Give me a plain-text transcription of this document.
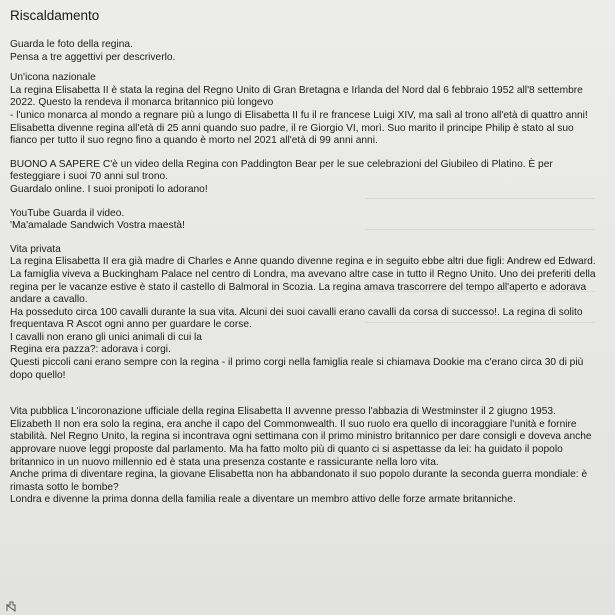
Riscaldamento

Guarda le foto della regina.

Pensa a tre aggettivi per descriverlo.

Un'icona nazionale

La regina Elisabetta II è stata la regina del Regno Unito di Gran Bretagna e Irlanda del Nord dal 6 febbraio 1952 all'8 settembre 2022. Questo la rendeva il monarca britannico più longevo

- l'unico monarca al mondo a regnare più a lungo di Elisabetta II fu il re francese Luigi XIV, ma salì al trono all'età di quattro anni! Elisabetta divenne regina all'età di 25 anni quando suo padre, il re Giorgio VI, morì. Suo marito il principe Philip è stato al suo fianco per tutto il suo regno fino a quando è morto nel 2021 all'età di 99 anni anni.

BUONO A SAPERE C'è un video della Regina con Paddington Bear per le sue celebrazioni del Giubileo di Platino. È per festeggiare i suoi 70 anni sul trono.

Guardalo online. I suoi pronipoti lo adorano!

YouTube Guarda il video.

'Ma'amalade Sandwich Vostra maestà!

Vita privata

La regina Elisabetta II era già madre di Charles e Anne quando divenne regina e in seguito ebbe altri due figli: Andrew ed Edward. La famiglia viveva a Buckingham Palace nel centro di Londra, ma avevano altre case in tutto il Regno Unito. Uno dei preferiti della regina per le vacanze estive è stato il castello di Balmoral in Scozia. La regina amava trascorrere del tempo all'aperto e adorava

andare a cavallo.

Ha posseduto circa 100 cavalli durante la sua vita. Alcuni dei suoi cavalli erano cavalli da corsa di successo!. La regina di solito frequentava R Ascot ogni anno per guardare le corse.

I cavalli non erano gli unici animali di cui la

Regina era pazza?: adorava i corgi.

Questi piccoli cani erano sempre con la regina - il primo corgi nella famiglia reale si chiamava Dookie ma c'erano circa 30 di più dopo quello!

Vita pubblica L'incoronazione ufficiale della regina Elisabetta II avvenne presso l'abbazia di Westminster il 2 giugno 1953.

Elizabeth II non era solo la regina, era anche il capo del Commonwealth. Il suo ruolo era quello di incoraggiare l'unità e fornire stabilità. Nel Regno Unito, la regina si incontrava ogni settimana con il primo ministro britannico per dare consigli e doveva anche approvare nuove leggi proposte dal parlamento. Ma ha fatto molto più di quanto ci si aspettasse da lei: ha guidato il popolo britannico in un nuovo millennio ed è stata una presenza costante e rassicurante nella loro vita.

Anche prima di diventare regina, la giovane Elisabetta non ha abbandonato il suo popolo durante la seconda guerra mondiale: è rimasta sotto le bombe?

Londra e divenne la prima donna della familia reale a diventare un membro attivo delle forze armate britanniche.
